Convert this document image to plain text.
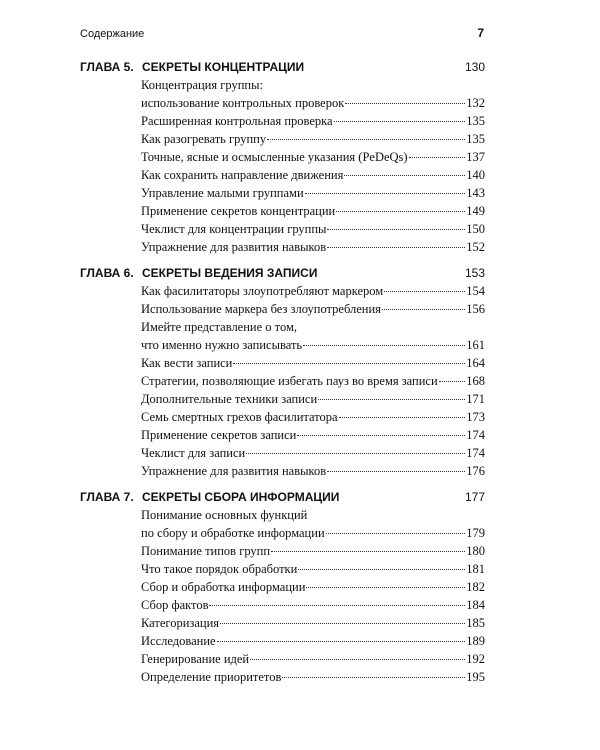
Содержание	7
ГЛАВА 5. СЕКРЕТЫ КОНЦЕНТРАЦИИ	130
Концентрация группы:
использование контрольных проверок	132
Расширенная контрольная проверка	135
Как разогревать группу	135
Точные, ясные и осмысленные указания (PeDeQs)	137
Как сохранить направление движения	140
Управление малыми группами	143
Применение секретов концентрации	149
Чеклист для концентрации группы	150
Упражнение для развития навыков	152
ГЛАВА 6. СЕКРЕТЫ ВЕДЕНИЯ ЗАПИСИ	153
Как фасилитаторы злоупотребляют маркером	154
Использование маркера без злоупотребления	156
Имейте представление о том,
что именно нужно записывать	161
Как вести записи	164
Стратегии, позволяющие избегать пауз во время записи 168
Дополнительные техники записи	171
Семь смертных грехов фасилитатора	173
Применение секретов записи	174
Чеклист для записи	174
Упражнение для развития навыков	176
ГЛАВА 7. СЕКРЕТЫ СБОРА ИНФОРМАЦИИ	177
Понимание основных функций
по сбору и обработке информации	179
Понимание типов групп	180
Что такое порядок обработки	181
Сбор и обработка информации	182
Сбор фактов	184
Категоризация	185
Исследование	189
Генерирование идей	192
Определение приоритетов	195
